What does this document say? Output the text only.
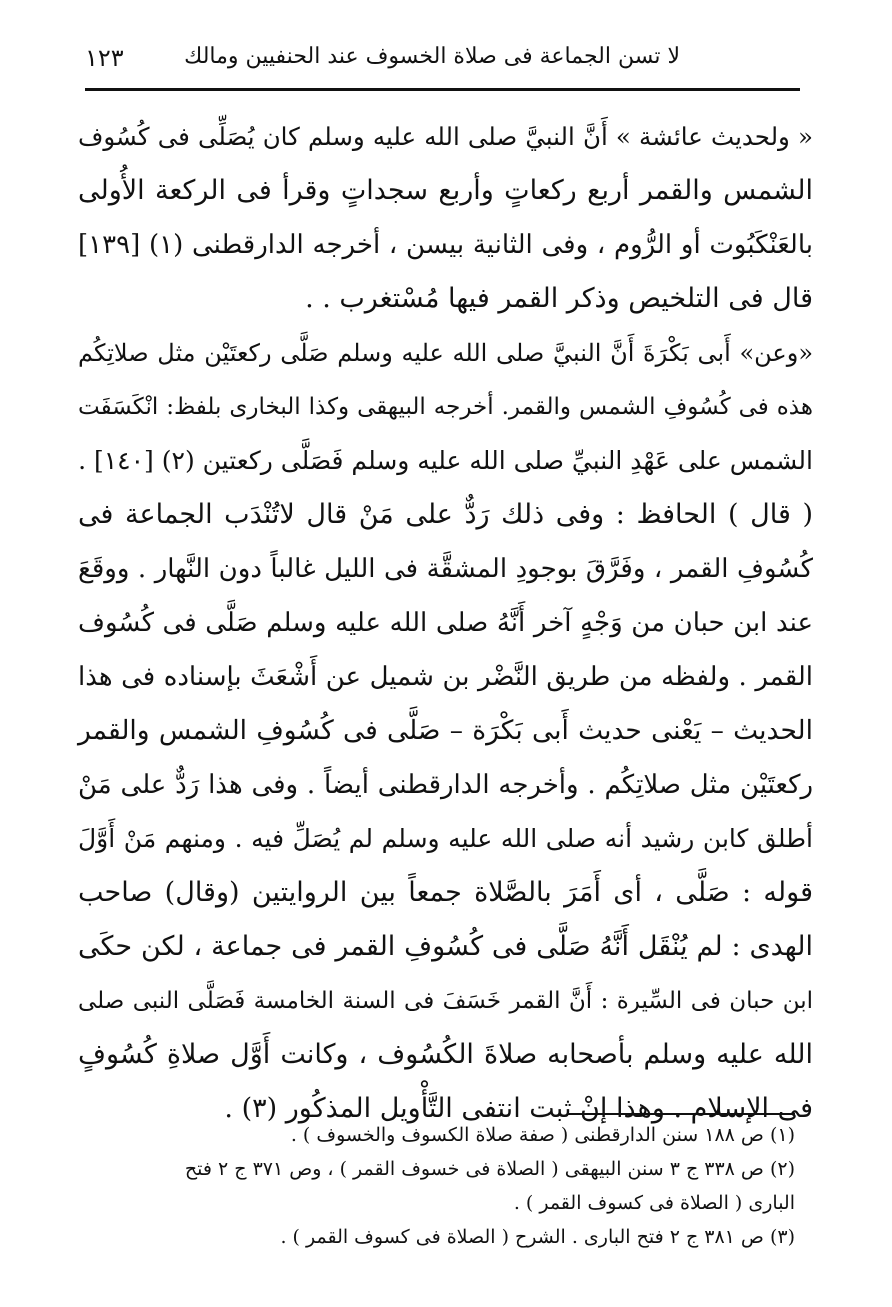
لا تسن الجماعة فى صلاة الخسوف عند الحنفيين ومالك
١٢٣
« ولحديث عائشة » أَنَّ النبيَّ صلى الله عليه وسلم كان يُصَلِّى فى كُسُوف
الشمس والقمر أربع ركعاتٍ وأربع سجداتٍ وقرأ فى الركعة الأُولى
بالعَنْكَبُوت أو الرُّوم ، وفى الثانية بيسن ، أخرجه الدارقطنى (١) [١٣٩]
قال فى التلخيص وذكر القمر فيها مُسْتغرب . .
«وعن» أَبى بَكْرَةَ أَنَّ النبيَّ صلى الله عليه وسلم صَلَّى ركعتَيْن مثل صلاتِكُم
هذه فى كُسُوفِ الشمس والقمر. أخرجه البيهقى وكذا البخارى بلفظ: انْكَسَفَت
الشمس على عَهْدِ النبيِّ صلى الله عليه وسلم فَصَلَّى ركعتين (٢) [١٤٠] .
( قال ) الحافظ : وفى ذلك رَدٌّ على مَنْ قال لاتُنْدَب الجماعة فى
كُسُوفِ القمر ، وفَرَّقَ بوجودِ المشقَّة فى الليل غالباً دون النَّهار . ووقَعَ
عند ابن حبان من وَجْهٍ آخر أَنَّهُ صلى الله عليه وسلم صَلَّى فى كُسُوف
القمر . ولفظه من طريق النَّضْر بن شميل عن أَشْعَثَ بإسناده فى هذا
الحديث – يَعْنى حديث أَبى بَكْرَة – صَلَّى فى كُسُوفِ الشمس والقمر
ركعتَيْن مثل صلاتِكُم . وأخرجه الدارقطنى أيضاً . وفى هذا رَدٌّ على مَنْ
أطلق كابن رشيد أنه صلى الله عليه وسلم لم يُصَلِّ فيه . ومنهم مَنْ أَوَّلَ
قوله : صَلَّى ، أى أَمَرَ بالصَّلاة جمعاً بين الروايتين (وقال) صاحب
الهدى : لم يُنْقَل أَنَّهُ صَلَّى فى كُسُوفِ القمر فى جماعة ، لكن حكَى
ابن حبان فى السِّيرة : أَنَّ القمر خَسَفَ فى السنة الخامسة فَصَلَّى النبى صلى
الله عليه وسلم بأصحابه صلاةَ الكُسُوف ، وكانت أَوَّل صلاةِ كُسُوفٍ
فى الإسلام . وهذا إنْ ثبت انتفى التَّأْويل المذكُور (٣) .
(١) ص ١٨٨ سنن الدارقطنى ( صفة صلاة الكسوف والخسوف ) .
(٢) ص ٣٣٨ ج ٣ سنن البيهقى ( الصلاة فى خسوف القمر ) ، وص ٣٧١ ج ٢ فتح
البارى ( الصلاة فى كسوف القمر ) .
(٣) ص ٣٨١ ج ٢ فتح البارى . الشرح ( الصلاة فى كسوف القمر ) .
